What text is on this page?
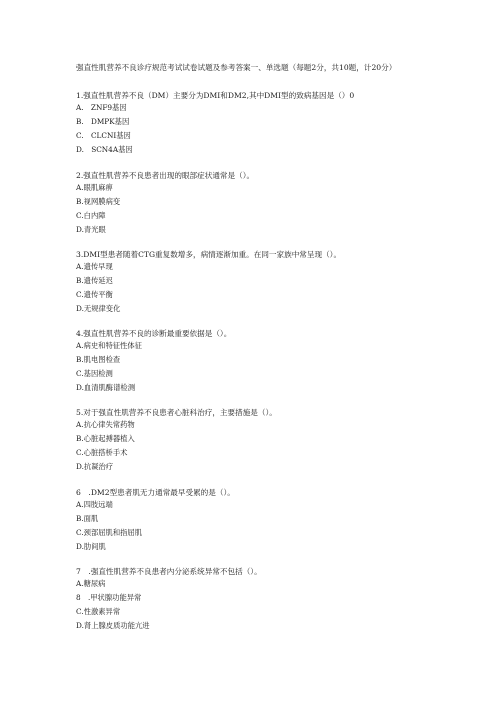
强直性肌营养不良诊疗规范考试试卷试题及参考答案一、单选题（每题2分，共10题，计20分）
1.强直性肌营养不良（DM）主要分为DMI和DM2,其中DMI型的致病基因是（）0
A.　ZNF9基因
B.　DMPK基因
C.　CLCNI基因
D.　SCN4A基因
2.强直性肌营养不良患者出现的眼部症状通常是（）。
A.眼肌麻痹
B.视网膜病变
C.白内障
D.青光眼
3.DMI型患者随着CTG重复数增多，病情逐渐加重。在同一家族中常呈现（）。
A.遗传早现
B.遗传延迟
C.遗传平衡
D.无规律变化
4.强直性肌营养不良的诊断最重要依据是（）。
A.病史和特征性体征
B.肌电图检查
C.基因检测
D.血清肌酶谱检测
5.对于强直性肌营养不良患者心脏科治疗，主要措施是（）。
A.抗心律失常药物
B.心脏起搏器植入
C.心脏搭桥手术
D.抗凝治疗
6　.DM2型患者肌无力通常最早受累的是（）。
A.四肢远端
B.面肌
C.颈部屈肌和指屈肌
D.肋间肌
7　.强直性肌营养不良患者内分泌系统异常不包括（）。
A.糖尿病
8　.甲状腺功能异常
C.性激素异常
D.肾上腺皮质功能亢进
